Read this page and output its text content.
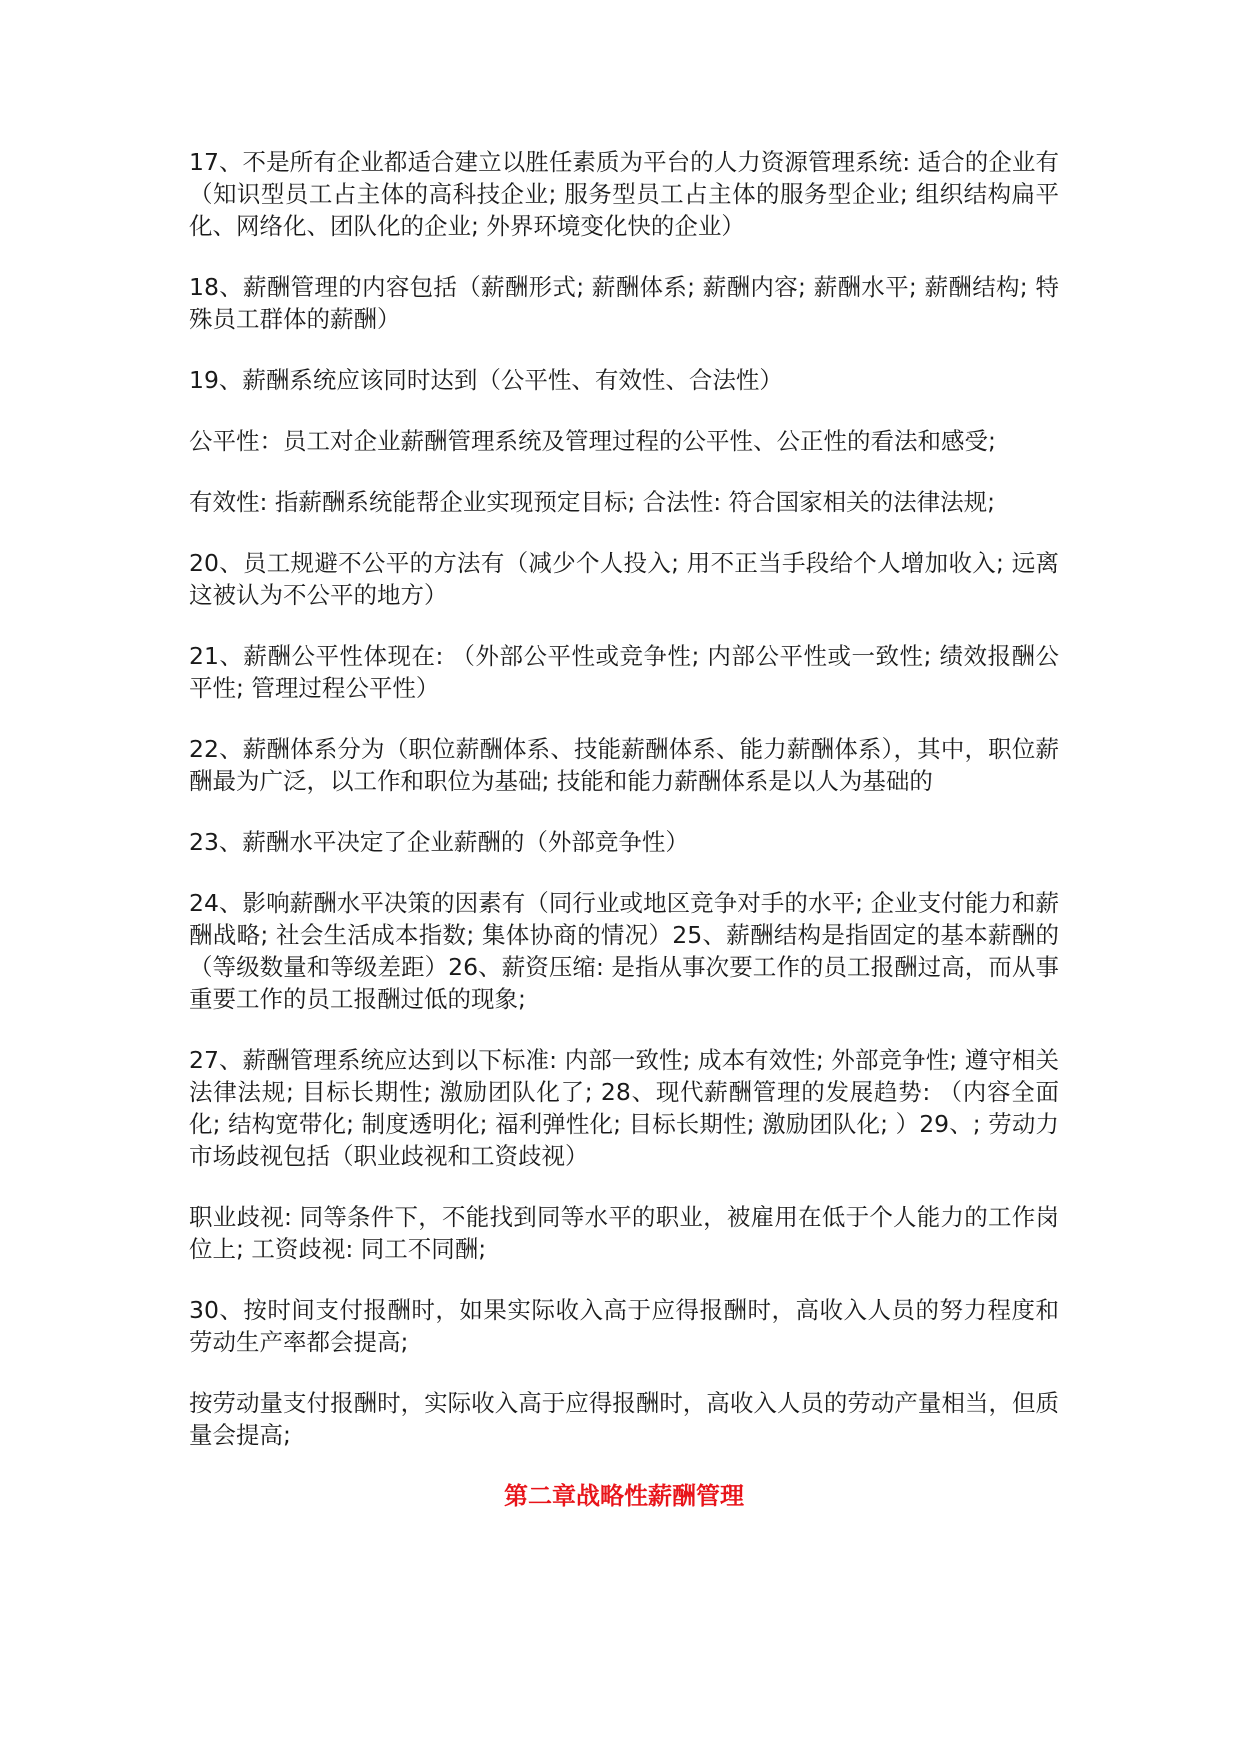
17、不是所有企业都适合建立以胜任素质为平台的人力资源管理系统: 适合的企业有（知识型员工占主体的高科技企业; 服务型员工占主体的服务型企业; 组织结构扁平化、网络化、团队化的企业; 外界环境变化快的企业）

18、薪酬管理的内容包括（薪酬形式; 薪酬体系; 薪酬内容; 薪酬水平; 薪酬结构; 特殊员工群体的薪酬）

19、薪酬系统应该同时达到（公平性、有效性、合法性）

公平性：员工对企业薪酬管理系统及管理过程的公平性、公正性的看法和感受;

有效性: 指薪酬系统能帮企业实现预定目标; 合法性: 符合国家相关的法律法规;

20、员工规避不公平的方法有（减少个人投入; 用不正当手段给个人增加收入; 远离这被认为不公平的地方）

21、薪酬公平性体现在: （外部公平性或竞争性; 内部公平性或一致性; 绩效报酬公平性; 管理过程公平性）

22、薪酬体系分为（职位薪酬体系、技能薪酬体系、能力薪酬体系），其中，职位薪酬最为广泛，以工作和职位为基础; 技能和能力薪酬体系是以人为基础的

23、薪酬水平决定了企业薪酬的（外部竞争性）

24、影响薪酬水平决策的因素有（同行业或地区竞争对手的水平; 企业支付能力和薪酬战略; 社会生活成本指数; 集体协商的情况）25、薪酬结构是指固定的基本薪酬的（等级数量和等级差距）26、薪资压缩: 是指从事次要工作的员工报酬过高，而从事重要工作的员工报酬过低的现象;

27、薪酬管理系统应达到以下标准: 内部一致性; 成本有效性; 外部竞争性; 遵守相关法律法规; 目标长期性; 激励团队化了; 28、现代薪酬管理的发展趋势: （内容全面化; 结构宽带化; 制度透明化; 福利弹性化; 目标长期性; 激励团队化; ）29、; 劳动力市场歧视包括（职业歧视和工资歧视）

职业歧视: 同等条件下，不能找到同等水平的职业，被雇用在低于个人能力的工作岗位上; 工资歧视: 同工不同酬;

30、按时间支付报酬时，如果实际收入高于应得报酬时，高收入人员的努力程度和劳动生产率都会提高;

按劳动量支付报酬时，实际收入高于应得报酬时，高收入人员的劳动产量相当，但质量会提高;

第二章战略性薪酬管理
